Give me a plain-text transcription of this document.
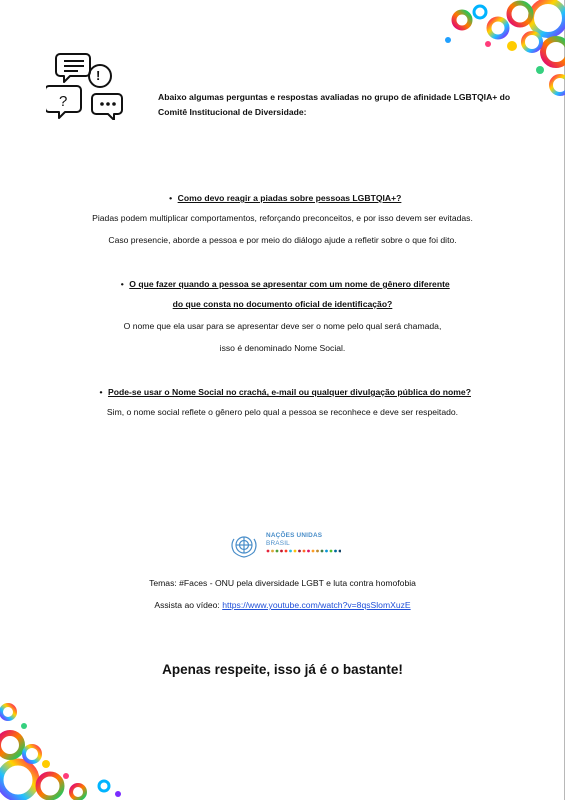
!
?	Abaixo algumas perguntas e respostas avaliadas no grupo de afinidade LGBTQIA+ do Comitê Institucional de Diversidade:
• Como devo reagir a piadas sobre pessoas LGBTQIA+?
Piadas podem multiplicar comportamentos, reforçando preconceitos, e por isso devem ser evitadas.
Caso presencie, aborde a pessoa e por meio do diálogo ajude a refletir sobre o que foi dito.
• O que fazer quando a pessoa se apresentar com um nome de gênero diferente
do que consta no documento oficial de identificação?
O nome que ela usar para se apresentar deve ser o nome pelo qual será chamada,
isso é denominado Nome Social.
• Pode-se usar o Nome Social no crachá, e-mail ou qualquer divulgação pública do nome?
Sim, o nome social reflete o gênero pelo qual a pessoa se reconhece e deve ser respeitado.
NAÇÕES UNIDAS
BRASIL
Temas: #Faces - ONU pela diversidade LGBT e luta contra homofobia
Assista ao vídeo: https://www.youtube.com/watch?v=8qsSlomXuzE
Apenas respeite, isso já é o bastante!
